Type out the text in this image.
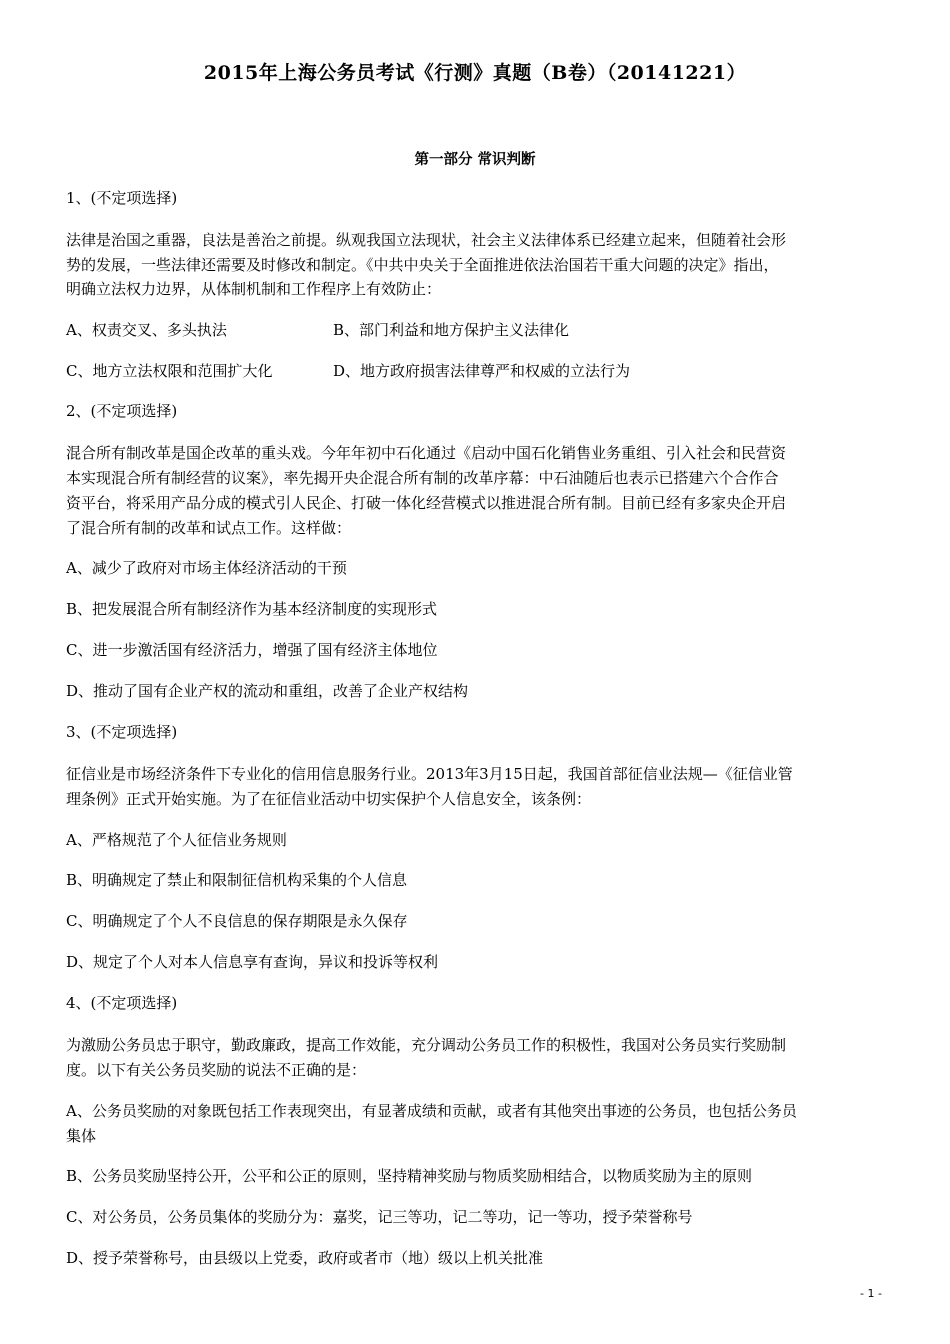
2015年上海公务员考试《行测》真题（B卷）（20141221）
第一部分 常识判断
1、(不定项选择)
法律是治国之重器，良法是善治之前提。纵观我国立法现状，社会主义法律体系已经建立起来，但随着社会形
势的发展，一些法律还需要及时修改和制定。《中共中央关于全面推进依法治国若干重大问题的决定》指出，
明确立法权力边界，从体制机制和工作程序上有效防止：
A、权责交叉、多头执法	B、部门利益和地方保护主义法律化
C、地方立法权限和范围扩大化	D、地方政府损害法律尊严和权威的立法行为
2、(不定项选择)
混合所有制改革是国企改革的重头戏。今年年初中石化通过《启动中国石化销售业务重组、引入社会和民营资
本实现混合所有制经营的议案》，率先揭开央企混合所有制的改革序幕：中石油随后也表示已搭建六个合作合
资平台，将采用产品分成的模式引人民企、打破一体化经营模式以推进混合所有制。目前已经有多家央企开启
了混合所有制的改革和试点工作。这样做：
A、减少了政府对市场主体经济活动的干预
B、把发展混合所有制经济作为基本经济制度的实现形式
C、进一步激活国有经济活力，增强了国有经济主体地位
D、推动了国有企业产权的流动和重组，改善了企业产权结构
3、(不定项选择)
征信业是市场经济条件下专业化的信用信息服务行业。2013年3月15日起，我国首部征信业法规—《征信业管
理条例》正式开始实施。为了在征信业活动中切实保护个人信息安全，该条例：
A、严格规范了个人征信业务规则
B、明确规定了禁止和限制征信机构采集的个人信息
C、明确规定了个人不良信息的保存期限是永久保存
D、规定了个人对本人信息享有查询，异议和投诉等权利
4、(不定项选择)
为激励公务员忠于职守，勤政廉政，提高工作效能，充分调动公务员工作的积极性，我国对公务员实行奖励制
度。以下有关公务员奖励的说法不正确的是：
A、公务员奖励的对象既包括工作表现突出，有显著成绩和贡献，或者有其他突出事迹的公务员，也包括公务员
集体
B、公务员奖励坚持公开，公平和公正的原则，坚持精神奖励与物质奖励相结合，以物质奖励为主的原则
C、对公务员，公务员集体的奖励分为：嘉奖，记三等功，记二等功，记一等功，授予荣誉称号
D、授予荣誉称号，由县级以上党委，政府或者市（地）级以上机关批准
- 1 -
